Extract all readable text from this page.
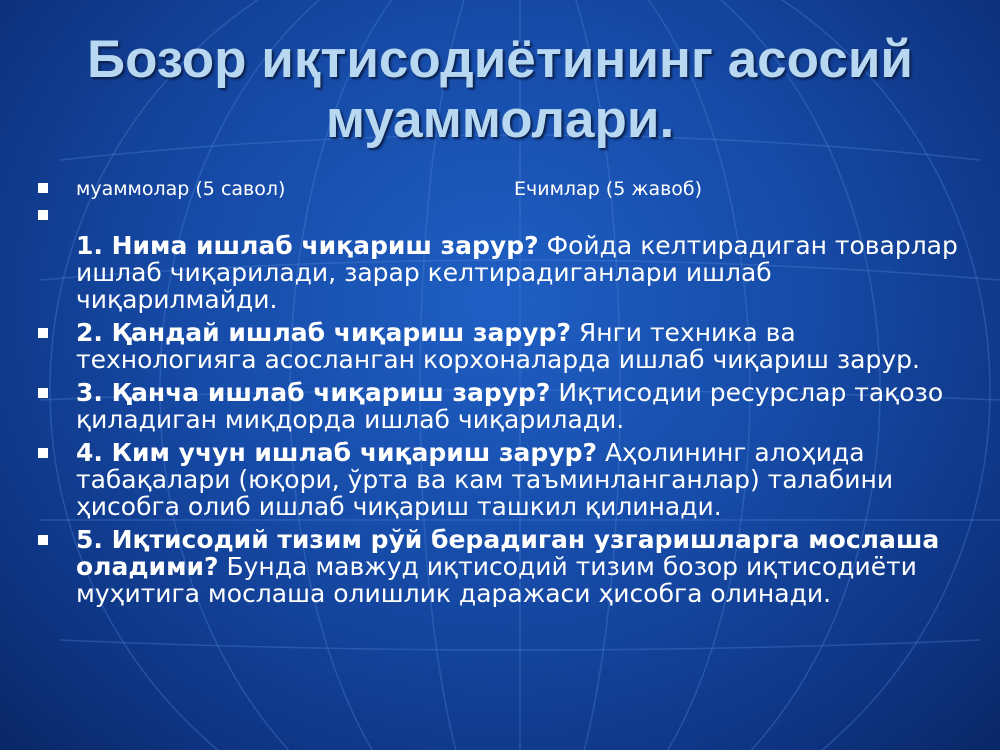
Бозор иқтисодиётининг асосий
муаммолари.
муаммолар (5 савол)	Ечимлар (5 жавоб)
1. Нима ишлаб чиқариш зарур? Фойда келтирадиган товарлар ишлаб чиқарилади, зарар келтирадиганлари ишлаб чиқарилмайди.
2. Қандай ишлаб чиқариш зарур? Янги техника ва технологияга асосланган корхоналарда ишлаб чиқариш зарур.
3. Қанча ишлаб чиқариш зарур? Иқтисодии ресурслар тақозо қиладиган миқдорда ишлаб чиқарилади.
4. Ким учун ишлаб чиқариш зарур? Аҳолининг алоҳида табақалари (юқори, ўрта ва кам таъминланганлар) талабини ҳисобга олиб ишлаб чиқариш ташкил қилинади.
5. Иқтисодий тизим рўй берадиган узгаришларга мослаша оладими? Бунда мавжуд иқтисодий тизим бозор иқтисодиёти муҳитига мослаша олишлик даражаси ҳисобга олинади.
